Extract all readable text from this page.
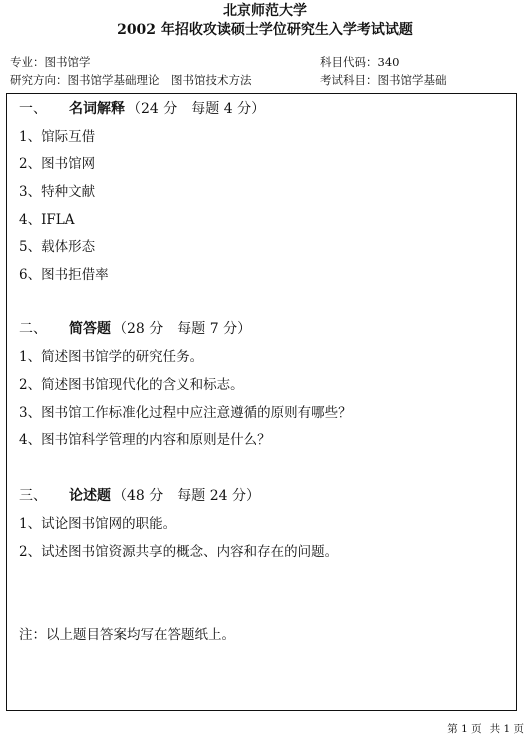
北京师范大学
2002 年招收攻读硕士学位研究生入学考试试题
专业：图书馆学	科目代码：340
研究方向：图书馆学基础理论　图书馆技术方法	考试科目：图书馆学基础
一、 名词解释 （24 分　每题 4 分）
1、馆际互借
2、图书馆网
3、特种文献
4、IFLA
5、载体形态
6、图书拒借率
二、 简答题 （28 分　每题 7 分）
1、简述图书馆学的研究任务。
2、简述图书馆现代化的含义和标志。
3、图书馆工作标准化过程中应注意遵循的原则有哪些？
4、图书馆科学管理的内容和原则是什么？
三、 论述题 （48 分　每题 24 分）
1、试论图书馆网的职能。
2、试述图书馆资源共享的概念、内容和存在的问题。
注：以上题目答案均写在答题纸上。
第 1 页 共 1 页
